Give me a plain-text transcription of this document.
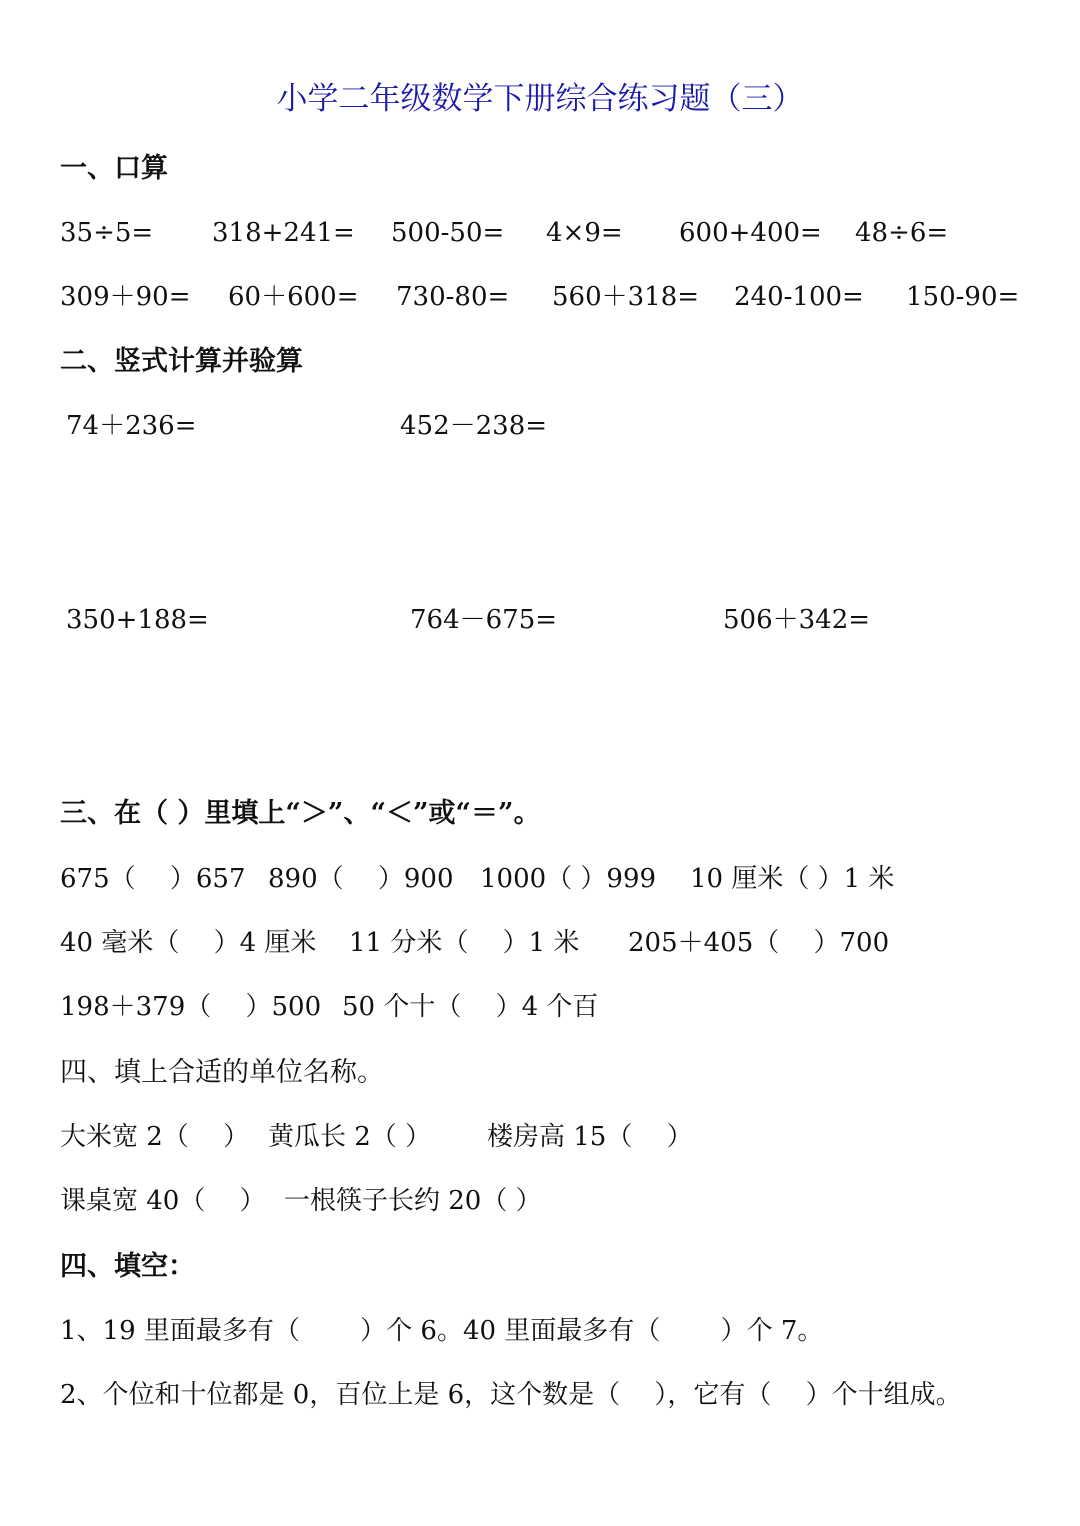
小学二年级数学下册综合练习题（三）
一、口算
35÷5= 318+241= 500-50= 4×9= 600+400= 48÷6=
309＋90= 60＋600= 730-80= 560＋318= 240-100= 150-90=
二、竖式计算并验算
74＋236=	452－238=
350+188=	764－675=	506＋342=
三、在（ ）里填上“＞”、“＜”或“＝”。
675（　 ）657 890（　 ）900 1000（ ）999 10 厘米（ ）1 米
40 毫米（　 ）4 厘米 11 分米（　 ）1 米 205＋405（　 ）700
198＋379（　 ）500 50 个十（　 ）4 个百
四、填上合适的单位名称。
大米宽 2（　 ） 黄瓜长 2（ ） 楼房高 15（　 ）
课桌宽 40（　 ） 一根筷子长约 20（ ）
四、填空：
1、19 里面最多有（　　 ）个 6。40 里面最多有（　　 ）个 7。
2、个位和十位都是 0，百位上是 6，这个数是（　 ），它有（　 ）个十组成。
